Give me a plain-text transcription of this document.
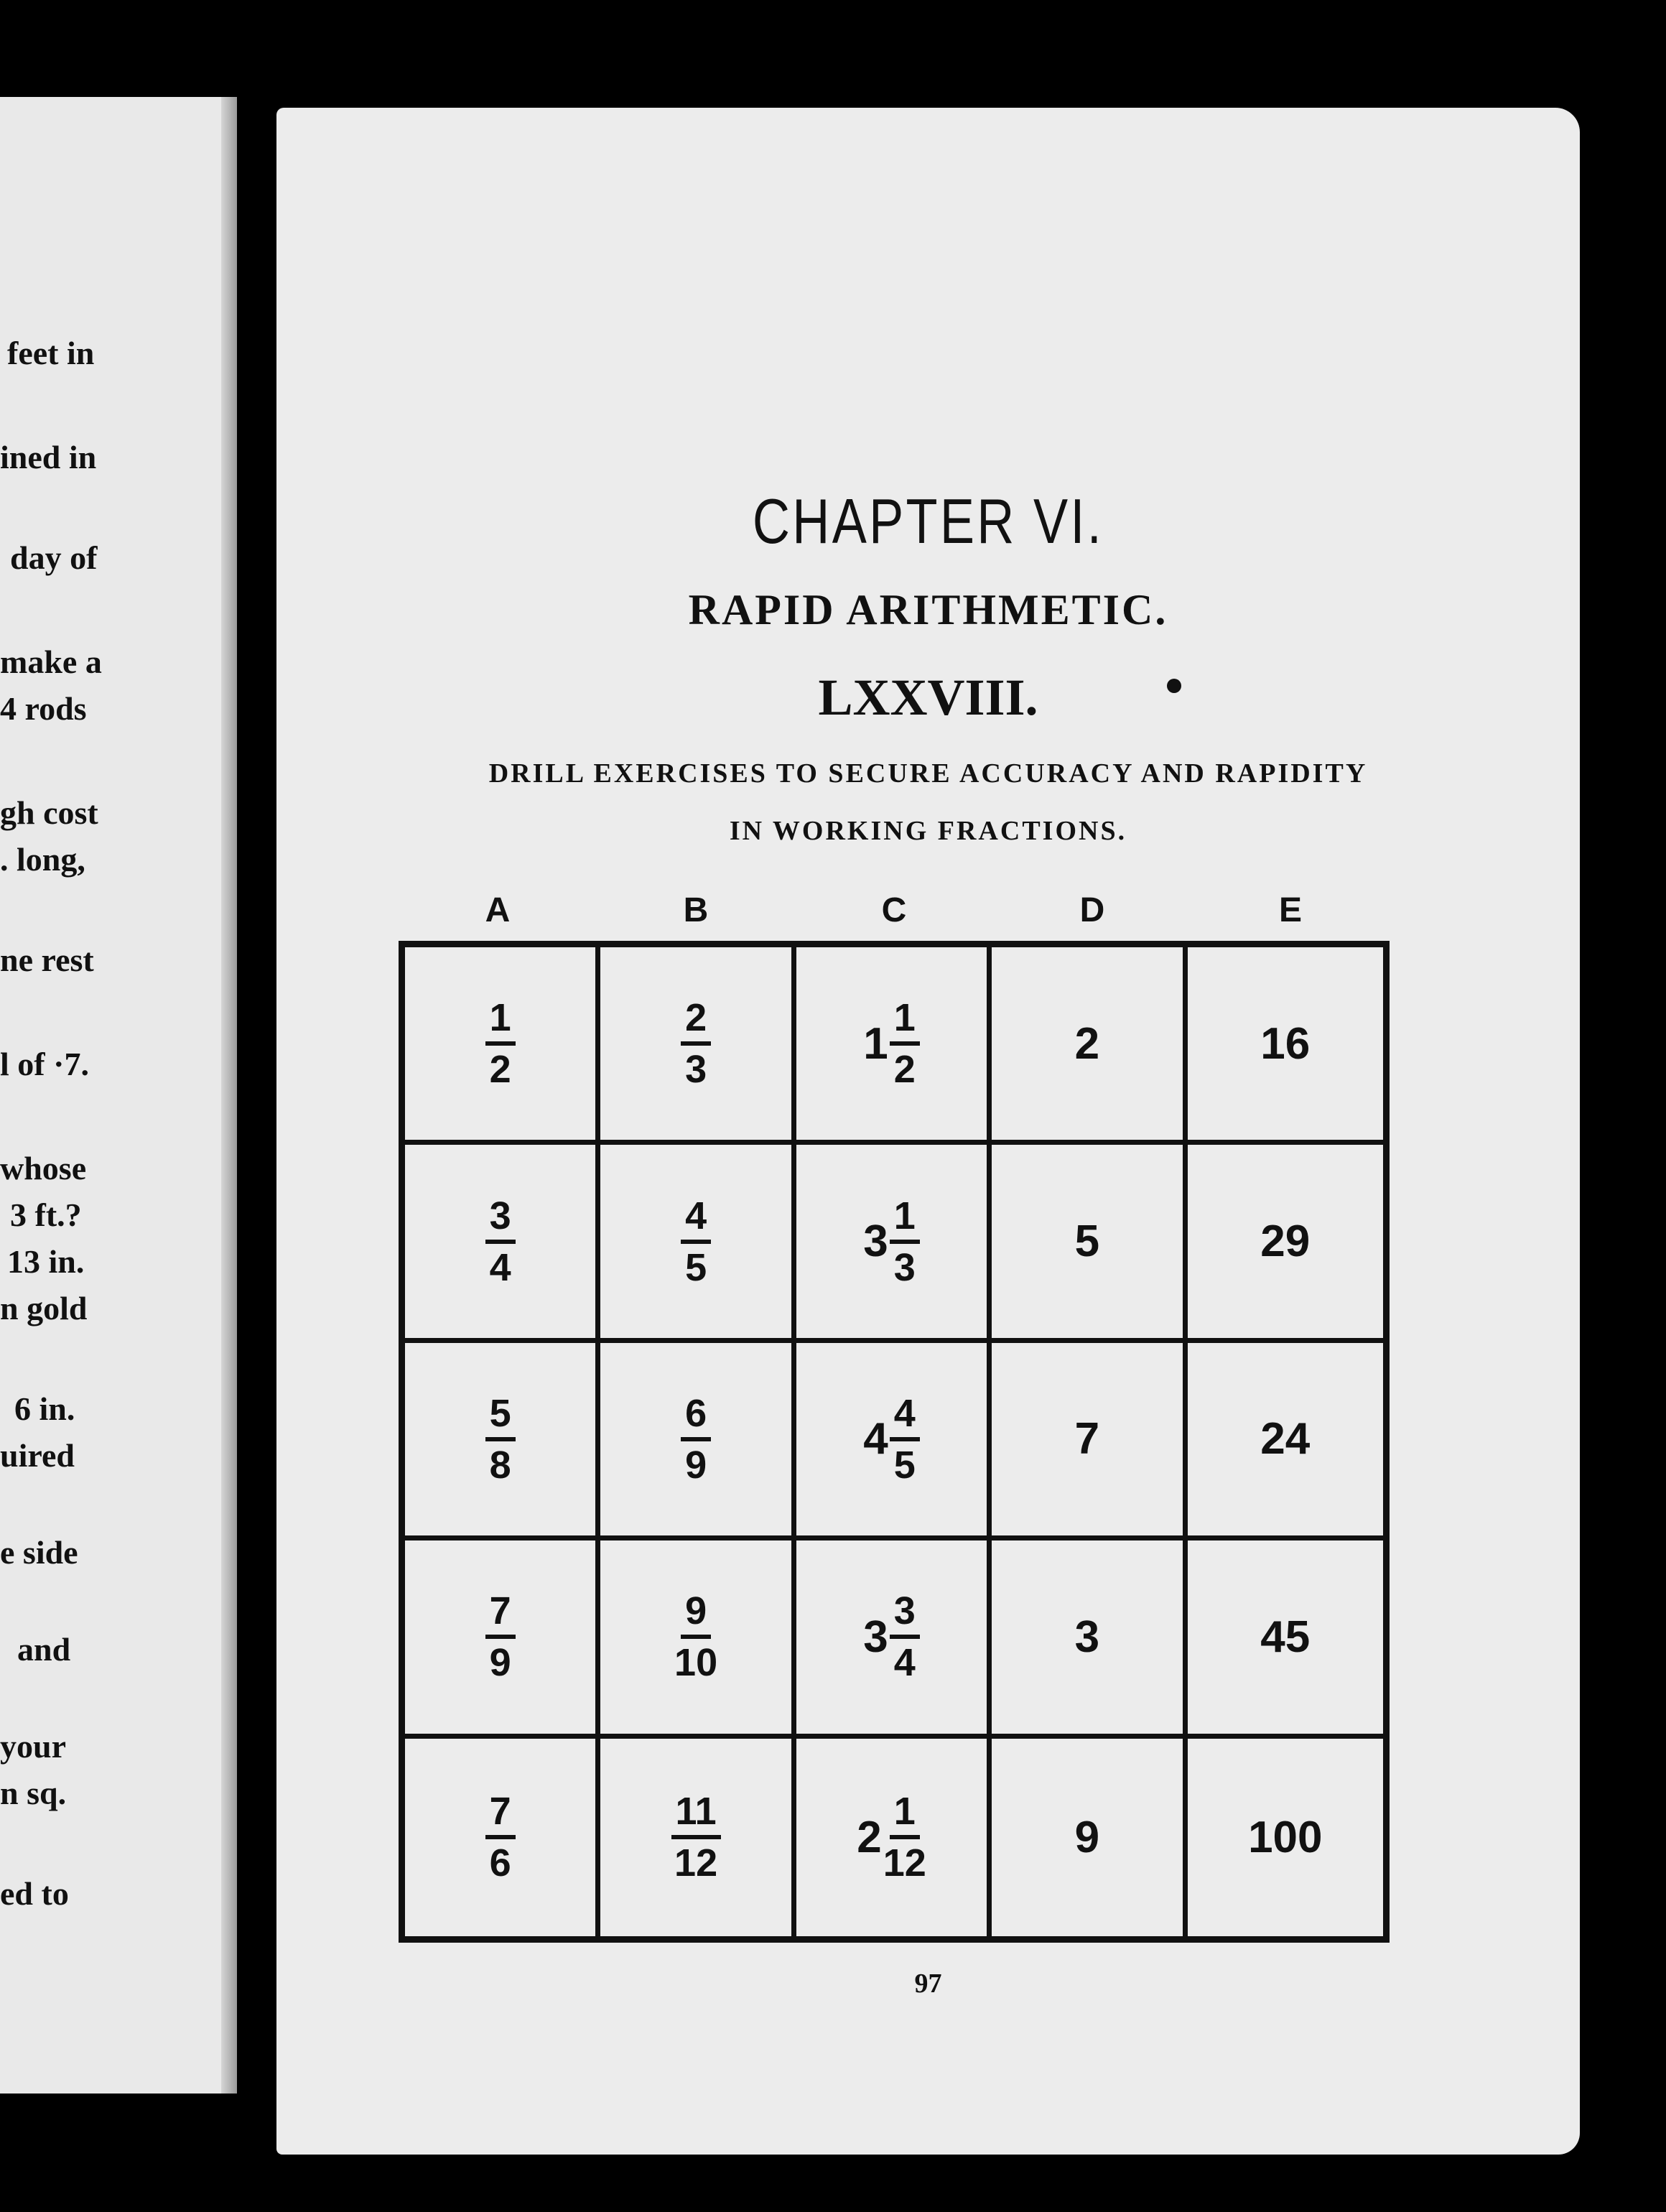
feet in
ined in
day of
make a
4 rods
gh cost
. long,
ne rest
l of ·7.
whose
3 ft.?
13 in.
n gold
6 in.
uired
e side
and
your
n sq.
ed to
CHAPTER VI.
RAPID ARITHMETIC.
LXXVIII.
DRILL EXERCISES TO SECURE ACCURACY AND RAPIDITY
IN WORKING FRACTIONS.
A	B	C	D	E
$\frac{1}{2}$	$\frac{2}{3}$	$1 \frac{1}{2}$	2	16
$\frac{3}{4}$	$\frac{4}{5}$	$3 \frac{1}{3}$	5	29
$\frac{5}{8}$	$\frac{6}{9}$	$4 \frac{4}{5}$	7	24
$\frac{7}{9}$	$\frac{9}{10}$	$3 \frac{3}{4}$	3	45
$\frac{7}{6}$	$\frac{11}{12}$	$2 \frac{1}{12}$	9	100
97
